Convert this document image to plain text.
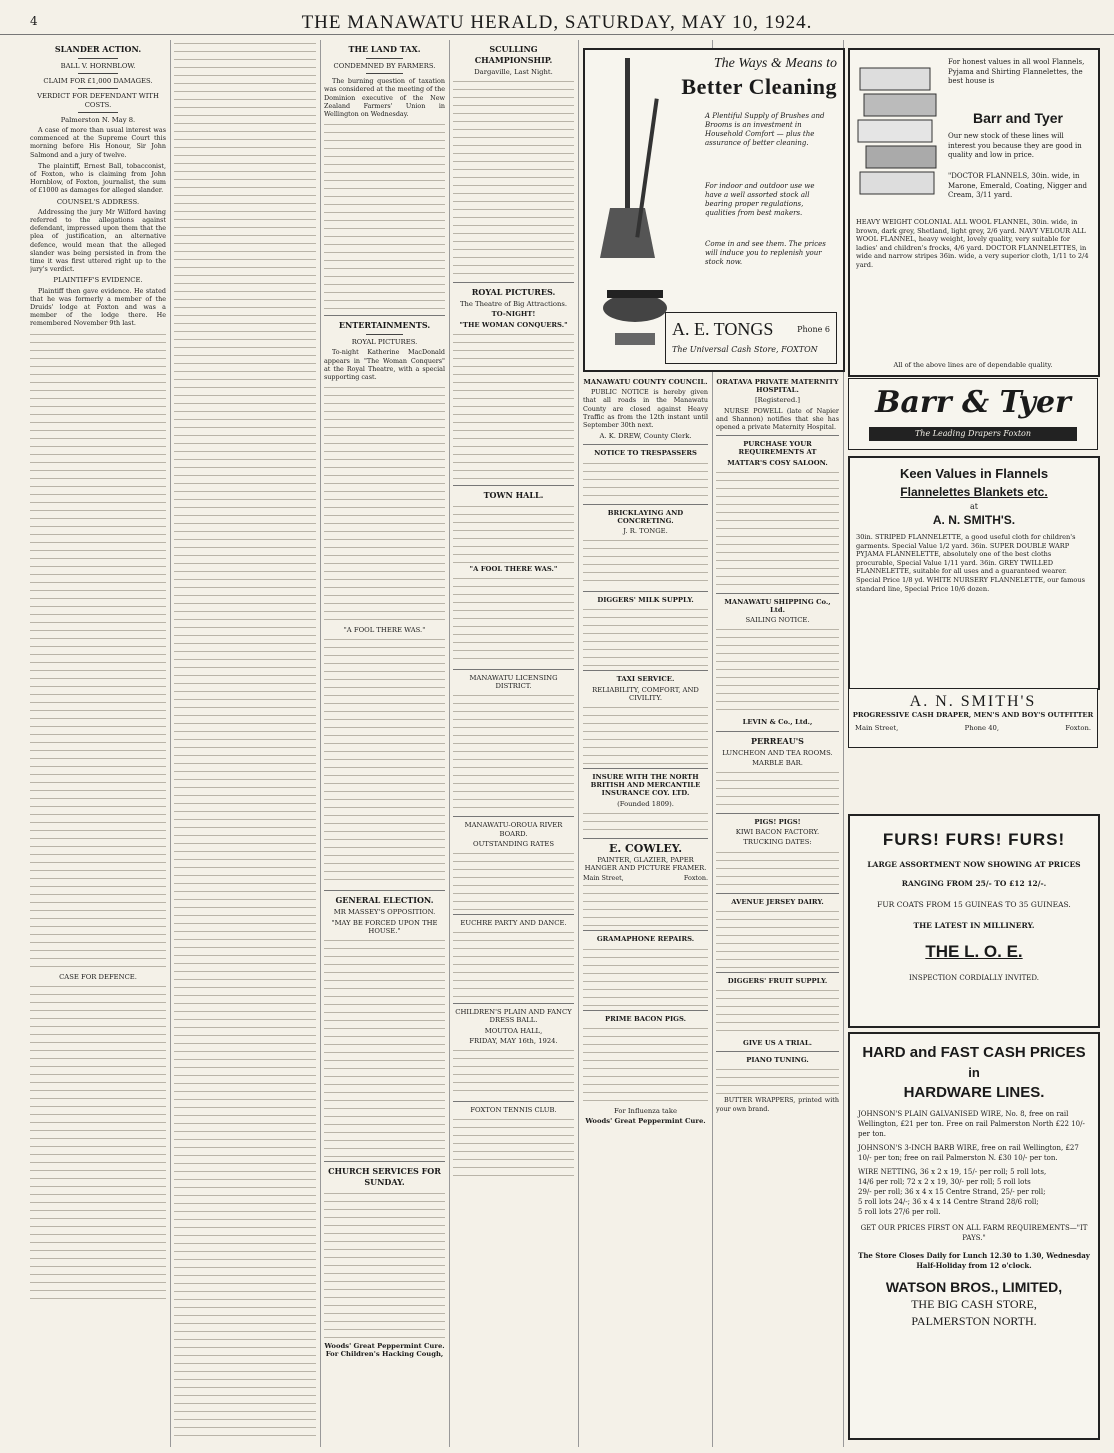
4	THE MANAWATU HERALD, SATURDAY, MAY 10, 1924.
SLANDER ACTION.
BALL V. HORNBLOW.
CLAIM FOR £1,000 DAMAGES.
VERDICT FOR DEFENDANT WITH COSTS.
Palmerston N. May 8.

A case of more than usual interest was commenced at the Supreme Court this morning before His Honour, Sir John Salmond and a jury of twelve.

The plaintiff, Ernest Ball, tobacconist, of Foxton, who is claiming from John Hornblow, of Foxton, journalist, the sum of £1000 as damages for alleged slander.

COUNSEL'S ADDRESS.

Addressing the jury Mr Wilford having referred to the allegations against defendant, impressed upon them that the plea of justification, an alternative defence, would mean that the alleged slander was being persisted in from the time it was first uttered right up to the jury's verdict.

PLAINTIFF'S EVIDENCE.

Plaintiff then gave evidence. He stated that he was formerly a member of the Druids' lodge at Foxton and was a member of the lodge there. He remembered November 9th last.

CASE FOR DEFENCE.
THE LAND TAX.
CONDEMNED BY FARMERS.

The burning question of taxation was considered at the meeting of the Dominion executive of the New Zealand Farmers' Union in Wellington on Wednesday.

ENTERTAINMENTS.
ROYAL PICTURES.

To-night Katherine MacDonald appears in "The Woman Conquers" at the Royal Theatre, with a special supporting cast.

"A FOOL THERE WAS."
GENERAL ELECTION.
MR MASSEY'S OPPOSITION.
"MAY BE FORCED UPON THE HOUSE."
CHURCH SERVICES FOR SUNDAY.
Woods' Great Peppermint Cure. For Children's Hacking Cough,
SCULLING CHAMPIONSHIP.
Dargaville, Last Night.
ROYAL PICTURES.
The Theatre of Big Attractions.
TO-NIGHT!
"THE WOMAN CONQUERS."
TOWN HALL.
"A FOOL THERE WAS."
MANAWATU LICENSING DISTRICT.
MANAWATU-OROUA RIVER BOARD.
OUTSTANDING RATES
EUCHRE PARTY AND DANCE.
CHILDREN'S PLAIN AND FANCY DRESS BALL.
MOUTOA HALL,
FRIDAY, MAY 16th, 1924.
FOXTON TENNIS CLUB.
The Ways & Means to
Better Cleaning
A Plentiful Supply of Brushes and Brooms is an investment in Household Comfort — plus the assurance of better cleaning.
For indoor and outdoor use we have a well assorted stock all bearing proper regulations, qualities from best makers.
Come in and see them. The prices will induce you to replenish your stock now.
A. E. TONGS	Phone 6
The Universal Cash Store, FOXTON
MANAWATU COUNTY COUNCIL.

PUBLIC NOTICE is hereby given that all roads in the Manawatu County are closed against Heavy Traffic as from the 12th instant until September 30th next.

A. K. DREW, County Clerk.
NOTICE TO TRESPASSERS
BRICKLAYING AND CONCRETING.
J. R. TONGE.
DIGGERS' MILK SUPPLY.
TAXI SERVICE.
RELIABILITY, COMFORT, AND CIVILITY.
INSURE WITH THE NORTH BRITISH AND MERCANTILE INSURANCE COY. LTD.
(Founded 1809).
E. COWLEY.
PAINTER, GLAZIER, PAPER HANGER AND PICTURE FRAMER.
Main Street,	Foxton.
GRAMAPHONE REPAIRS.
PRIME BACON PIGS.
For Influenza take
Woods' Great Peppermint Cure.
ORATAVA PRIVATE MATERNITY HOSPITAL.
[Registered.]

NURSE POWELL (late of Napier and Shannon) notifies that she has opened a private Maternity Hospital.

PURCHASE YOUR REQUIREMENTS AT
MATTAR'S COSY SALOON.
MANAWATU SHIPPING Co., Ltd.
SAILING NOTICE.
LEVIN & Co., Ltd.,
PERREAU'S
LUNCHEON AND TEA ROOMS.
MARBLE BAR.
PIGS! PIGS!
KIWI BACON FACTORY.
TRUCKING DATES:
AVENUE JERSEY DAIRY.
DIGGERS' FRUIT SUPPLY.
GIVE US A TRIAL.
PIANO TUNING.

BUTTER WRAPPERS, printed with your own brand.

For honest values in all wool Flannels, Pyjama and Shirting Flannelettes, the best house is
Barr and Tyer
Our new stock of these lines will interest you because they are good in quality and low in price.
"DOCTOR FLANNELS, 30in. wide, in Marone, Emerald, Coating, Nigger and Cream, 3/11 yard.
HEAVY WEIGHT COLONIAL ALL WOOL FLANNEL, 30in. wide, in brown, dark grey, Shetland, light grey, 2/6 yard. NAVY VELOUR ALL WOOL FLANNEL, heavy weight, lovely quality, very suitable for ladies' and children's frocks, 4/6 yard. DOCTOR FLANNELETTES, in wide and narrow stripes 36in. wide, a very superior cloth, 1/11 to 2/4 yard.
All of the above lines are of dependable quality.
Barr & Tyer
The Leading Drapers Foxton
Keen Values in Flannels
Flannelettes Blankets etc.
at
A. N. SMITH'S.
30in. STRIPED FLANNELETTE, a good useful cloth for children's garments. Special Value 1/2 yard. 36in. SUPER DOUBLE WARP PYJAMA FLANNELETTE, absolutely one of the best cloths procurable, Special Value 1/11 yard. 36in. GREY TWILLED FLANNELETTE, suitable for all uses and a guaranteed wearer. Special Price 1/8 yd. WHITE NURSERY FLANNELETTE, our famous standard line, Special Price 10/6 dozen.
A. N. SMITH'S
PROGRESSIVE CASH DRAPER, MEN'S AND BOY'S OUTFITTER
Main Street,	Phone 40,	Foxton.
FURS! FURS! FURS!
LARGE ASSORTMENT NOW SHOWING AT PRICES
RANGING FROM 25/- TO £12 12/-.
FUR COATS FROM 15 GUINEAS TO 35 GUINEAS.
THE LATEST IN MILLINERY.
THE L. O. E.
INSPECTION CORDIALLY INVITED.
HARD and FAST CASH PRICES
in
HARDWARE LINES.
JOHNSON'S PLAIN GALVANISED WIRE, No. 8, free on rail Wellington, £21 per ton. Free on rail Palmerston North £22 10/- per ton.
JOHNSON'S 3-INCH BARB WIRE, free on rail Wellington, £27 10/- per ton; free on rail Palmerston N. £30 10/- per ton.
WIRE NETTING, 36 x 2 x 19, 15/- per roll; 5 roll lots,
14/6 per roll; 72 x 2 x 19, 30/- per roll; 5 roll lots
29/- per roll; 36 x 4 x 15 Centre Strand, 25/- per roll;
5 roll lots 24/-; 36 x 4 x 14 Centre Strand 28/6 roll;
5 roll lots 27/6 per roll.
GET OUR PRICES FIRST ON ALL FARM REQUIREMENTS—"IT PAYS."
The Store Closes Daily for Lunch 12.30 to 1.30, Wednesday Half-Holiday from 12 o'clock.
WATSON BROS., LIMITED,
THE BIG CASH STORE,
PALMERSTON NORTH.
